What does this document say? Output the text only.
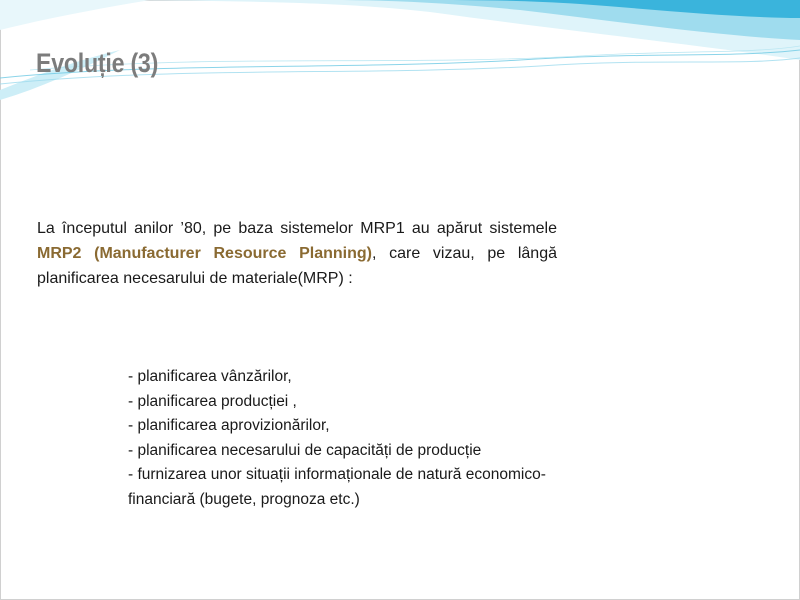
Evoluție (3)

La începutul anilor ’80, pe baza sistemelor MRP1 au apărut sistemele MRP2 (Manufacturer Resource Planning), care vizau, pe lângă planificarea necesarului de materiale(MRP) :

- planificarea vânzărilor,
- planificarea producției ,
- planificarea aprovizionărilor,
- planificarea necesarului de capacități de producție
- furnizarea unor situații informaționale de natură economico-financiară (bugete, prognoza etc.)
